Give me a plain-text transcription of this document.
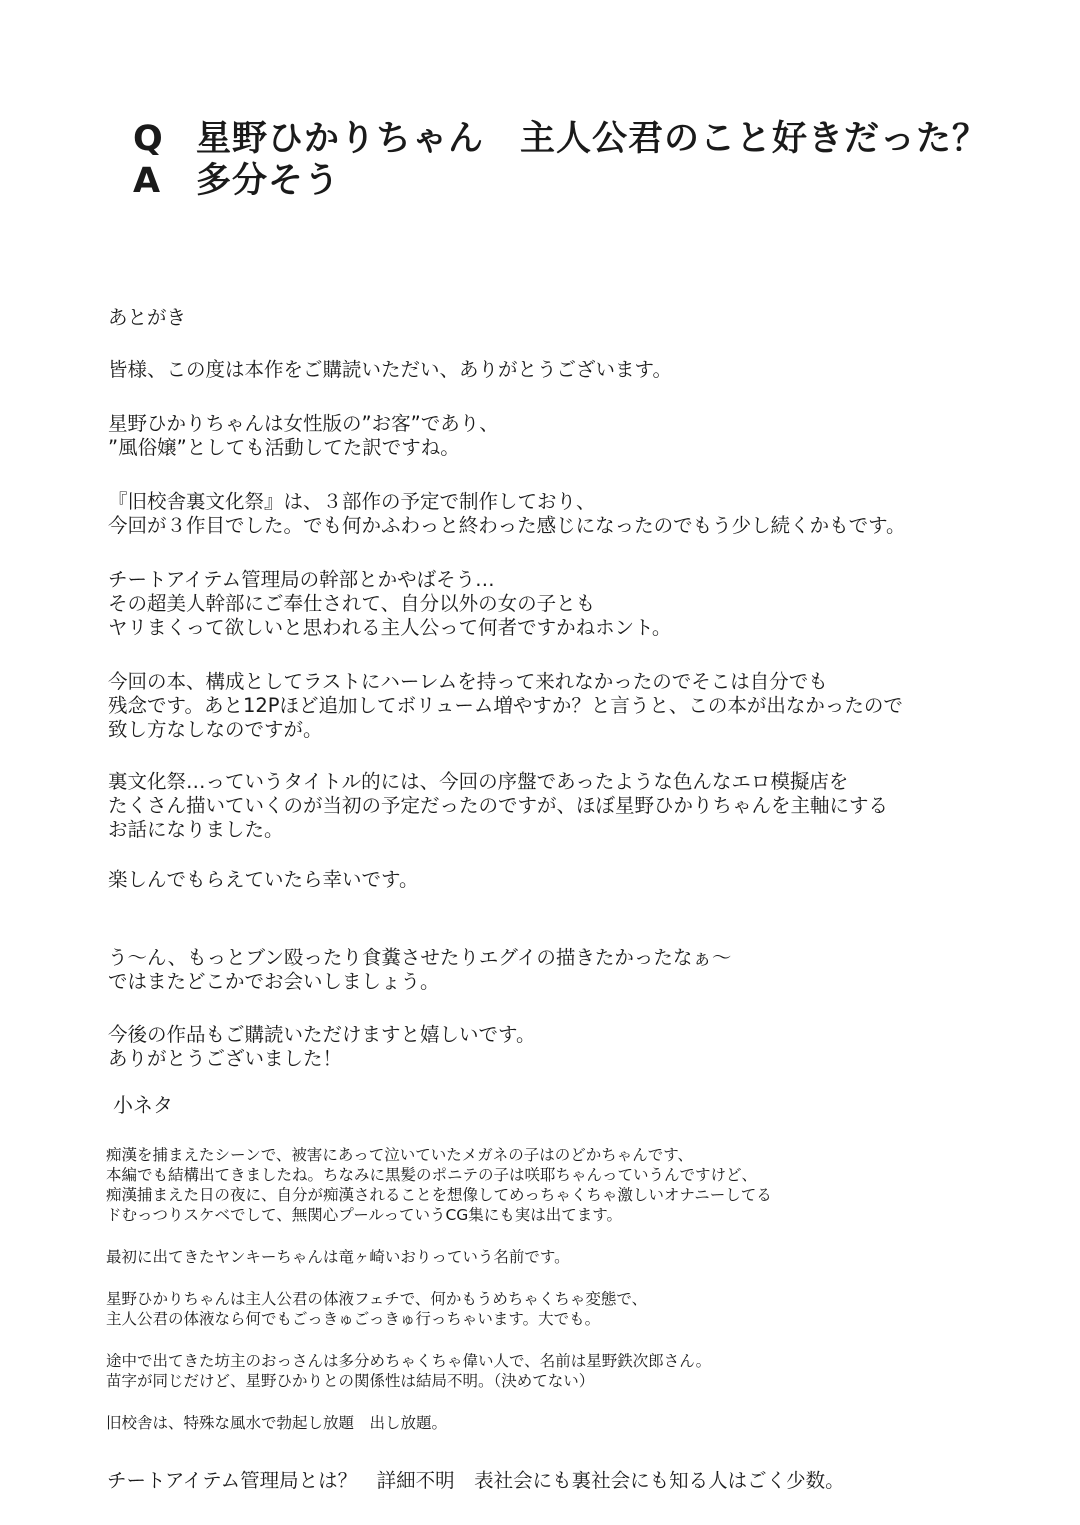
Q 星野ひかりちゃん　主人公君のこと好きだった？
A 多分そう

あとがき

皆様、この度は本作をご購読いただい、ありがとうございます。

星野ひかりちゃんは女性版の”お客”であり、
”風俗嬢”としても活動してた訳ですね。

『旧校舎裏文化祭』は、３部作の予定で制作しており、
今回が３作目でした。でも何かふわっと終わった感じになったのでもう少し続くかもです。

チートアイテム管理局の幹部とかやばそう…
その超美人幹部にご奉仕されて、自分以外の女の子とも
ヤリまくって欲しいと思われる主人公って何者ですかねホント。

今回の本、構成としてラストにハーレムを持って来れなかったのでそこは自分でも
残念です。あと12Pほど追加してボリューム増やすか？と言うと、この本が出なかったので
致し方なしなのですが。

裏文化祭…っていうタイトル的には、今回の序盤であったような色んなエロ模擬店を
たくさん描いていくのが当初の予定だったのですが、ほぼ星野ひかりちゃんを主軸にする
お話になりました。

楽しんでもらえていたら幸いです。

う～ん、もっとブン殴ったり食糞させたりエグイの描きたかったなぁ～
ではまたどこかでお会いしましょう。

今後の作品もご購読いただけますと嬉しいです。
ありがとうございました！

小ネタ

痴漢を捕まえたシーンで、被害にあって泣いていたメガネの子はのどかちゃんです、
本編でも結構出てきましたね。ちなみに黒髪のポニテの子は咲耶ちゃんっていうんですけど、
痴漢捕まえた日の夜に、自分が痴漢されることを想像してめっちゃくちゃ激しいオナニーしてる
ドむっつりスケベでして、無関心プールっていうCG集にも実は出てます。

最初に出てきたヤンキーちゃんは竜ヶ崎いおりっていう名前です。

星野ひかりちゃんは主人公君の体液フェチで、何かもうめちゃくちゃ変態で、
主人公君の体液なら何でもごっきゅごっきゅ行っちゃいます。大でも。

途中で出てきた坊主のおっさんは多分めちゃくちゃ偉い人で、名前は星野鉄次郎さん。
苗字が同じだけど、星野ひかりとの関係性は結局不明。（決めてない）

旧校舎は、特殊な風水で勃起し放題　出し放題。

チートアイテム管理局とは？　詳細不明　表社会にも裏社会にも知る人はごく少数。
